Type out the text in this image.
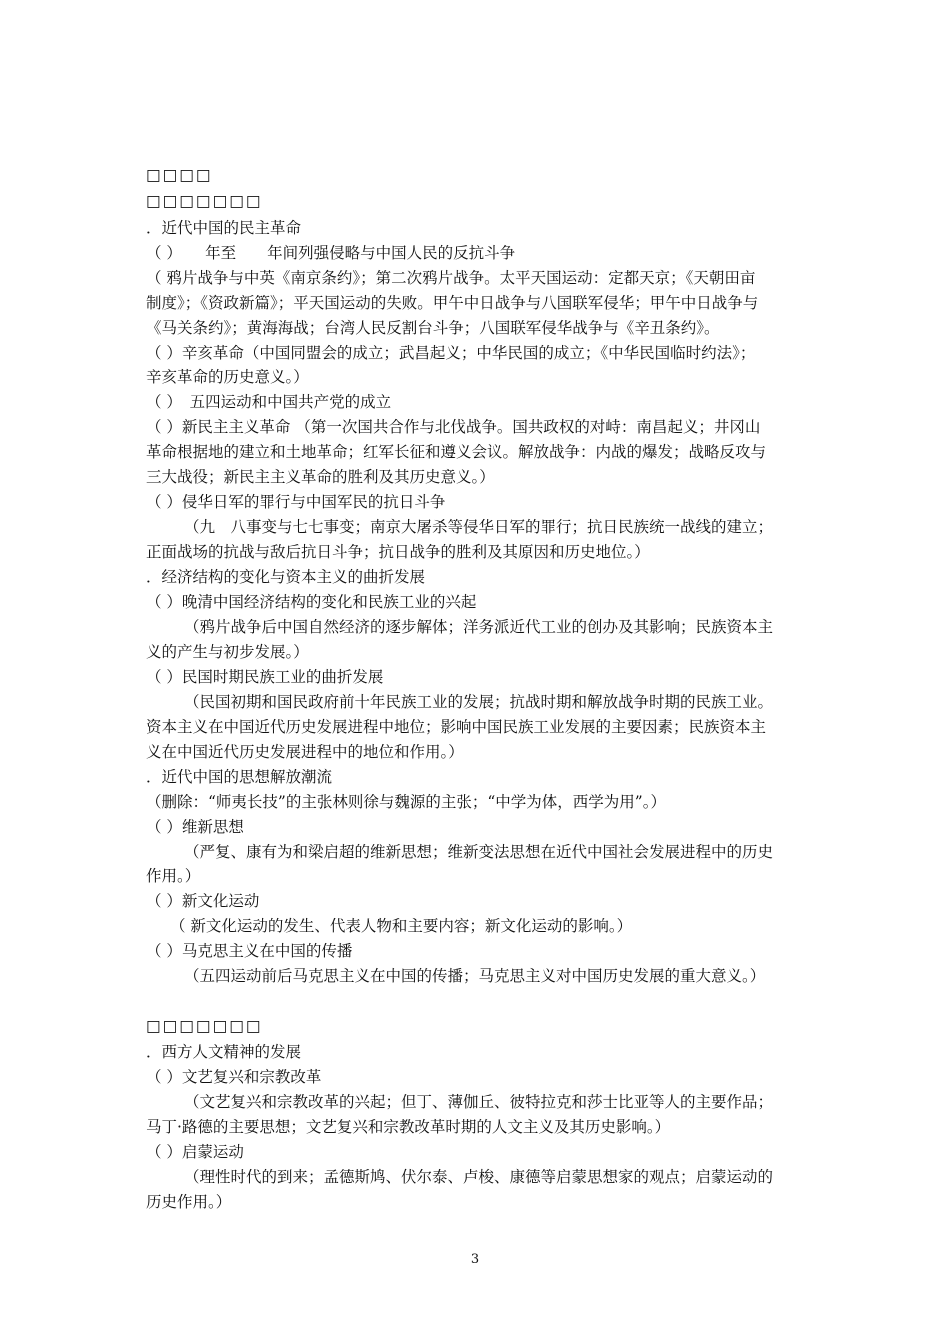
□□□□
□□□□□□□
．近代中国的民主革命
（ ）　　年至　　年间列强侵略与中国人民的反抗斗争
（ 鸦片战争与中英《南京条约》；第二次鸦片战争。太平天国运动：定都天京；《天朝田亩
制度》；《资政新篇》；平天国运动的失败。甲午中日战争与八国联军侵华；甲午中日战争与
《马关条约》；黄海海战；台湾人民反割台斗争；八国联军侵华战争与《辛丑条约》。
（ ）辛亥革命（中国同盟会的成立；武昌起义；中华民国的成立；《中华民国临时约法》；
辛亥革命的历史意义。）
（ ）　五四运动和中国共产党的成立
（ ）新民主主义革命 （第一次国共合作与北伐战争。国共政权的对峙：南昌起义；井冈山
革命根据地的建立和土地革命；红军长征和遵义会议。解放战争：内战的爆发；战略反攻与
三大战役；新民主主义革命的胜利及其历史意义。）
（ ）侵华日军的罪行与中国军民的抗日斗争
（九　八事变与七七事变；南京大屠杀等侵华日军的罪行；抗日民族统一战线的建立；
正面战场的抗战与敌后抗日斗争；抗日战争的胜利及其原因和历史地位。）
．经济结构的变化与资本主义的曲折发展
（ ）晚清中国经济结构的变化和民族工业的兴起
（鸦片战争后中国自然经济的逐步解体；洋务派近代工业的创办及其影响；民族资本主
义的产生与初步发展。）
（ ）民国时期民族工业的曲折发展
（民国初期和国民政府前十年民族工业的发展；抗战时期和解放战争时期的民族工业。
资本主义在中国近代历史发展进程中地位；影响中国民族工业发展的主要因素；民族资本主
义在中国近代历史发展进程中的地位和作用。）
．近代中国的思想解放潮流
（删除：“师夷长技”的主张林则徐与魏源的主张；“中学为体，西学为用”。）
（ ）维新思想
（严复、康有为和梁启超的维新思想；维新变法思想在近代中国社会发展进程中的历史
作用。）
（ ）新文化运动
（ 新文化运动的发生、代表人物和主要内容；新文化运动的影响。）
（ ）马克思主义在中国的传播
（五四运动前后马克思主义在中国的传播；马克思主义对中国历史发展的重大意义。）
□□□□□□□
．西方人文精神的发展
（ ）文艺复兴和宗教改革
（文艺复兴和宗教改革的兴起；但丁、薄伽丘、彼特拉克和莎士比亚等人的主要作品；
马丁·路德的主要思想；文艺复兴和宗教改革时期的人文主义及其历史影响。）
（ ）启蒙运动
（理性时代的到来；孟德斯鸠、伏尔泰、卢梭、康德等启蒙思想家的观点；启蒙运动的
历史作用。）
3
